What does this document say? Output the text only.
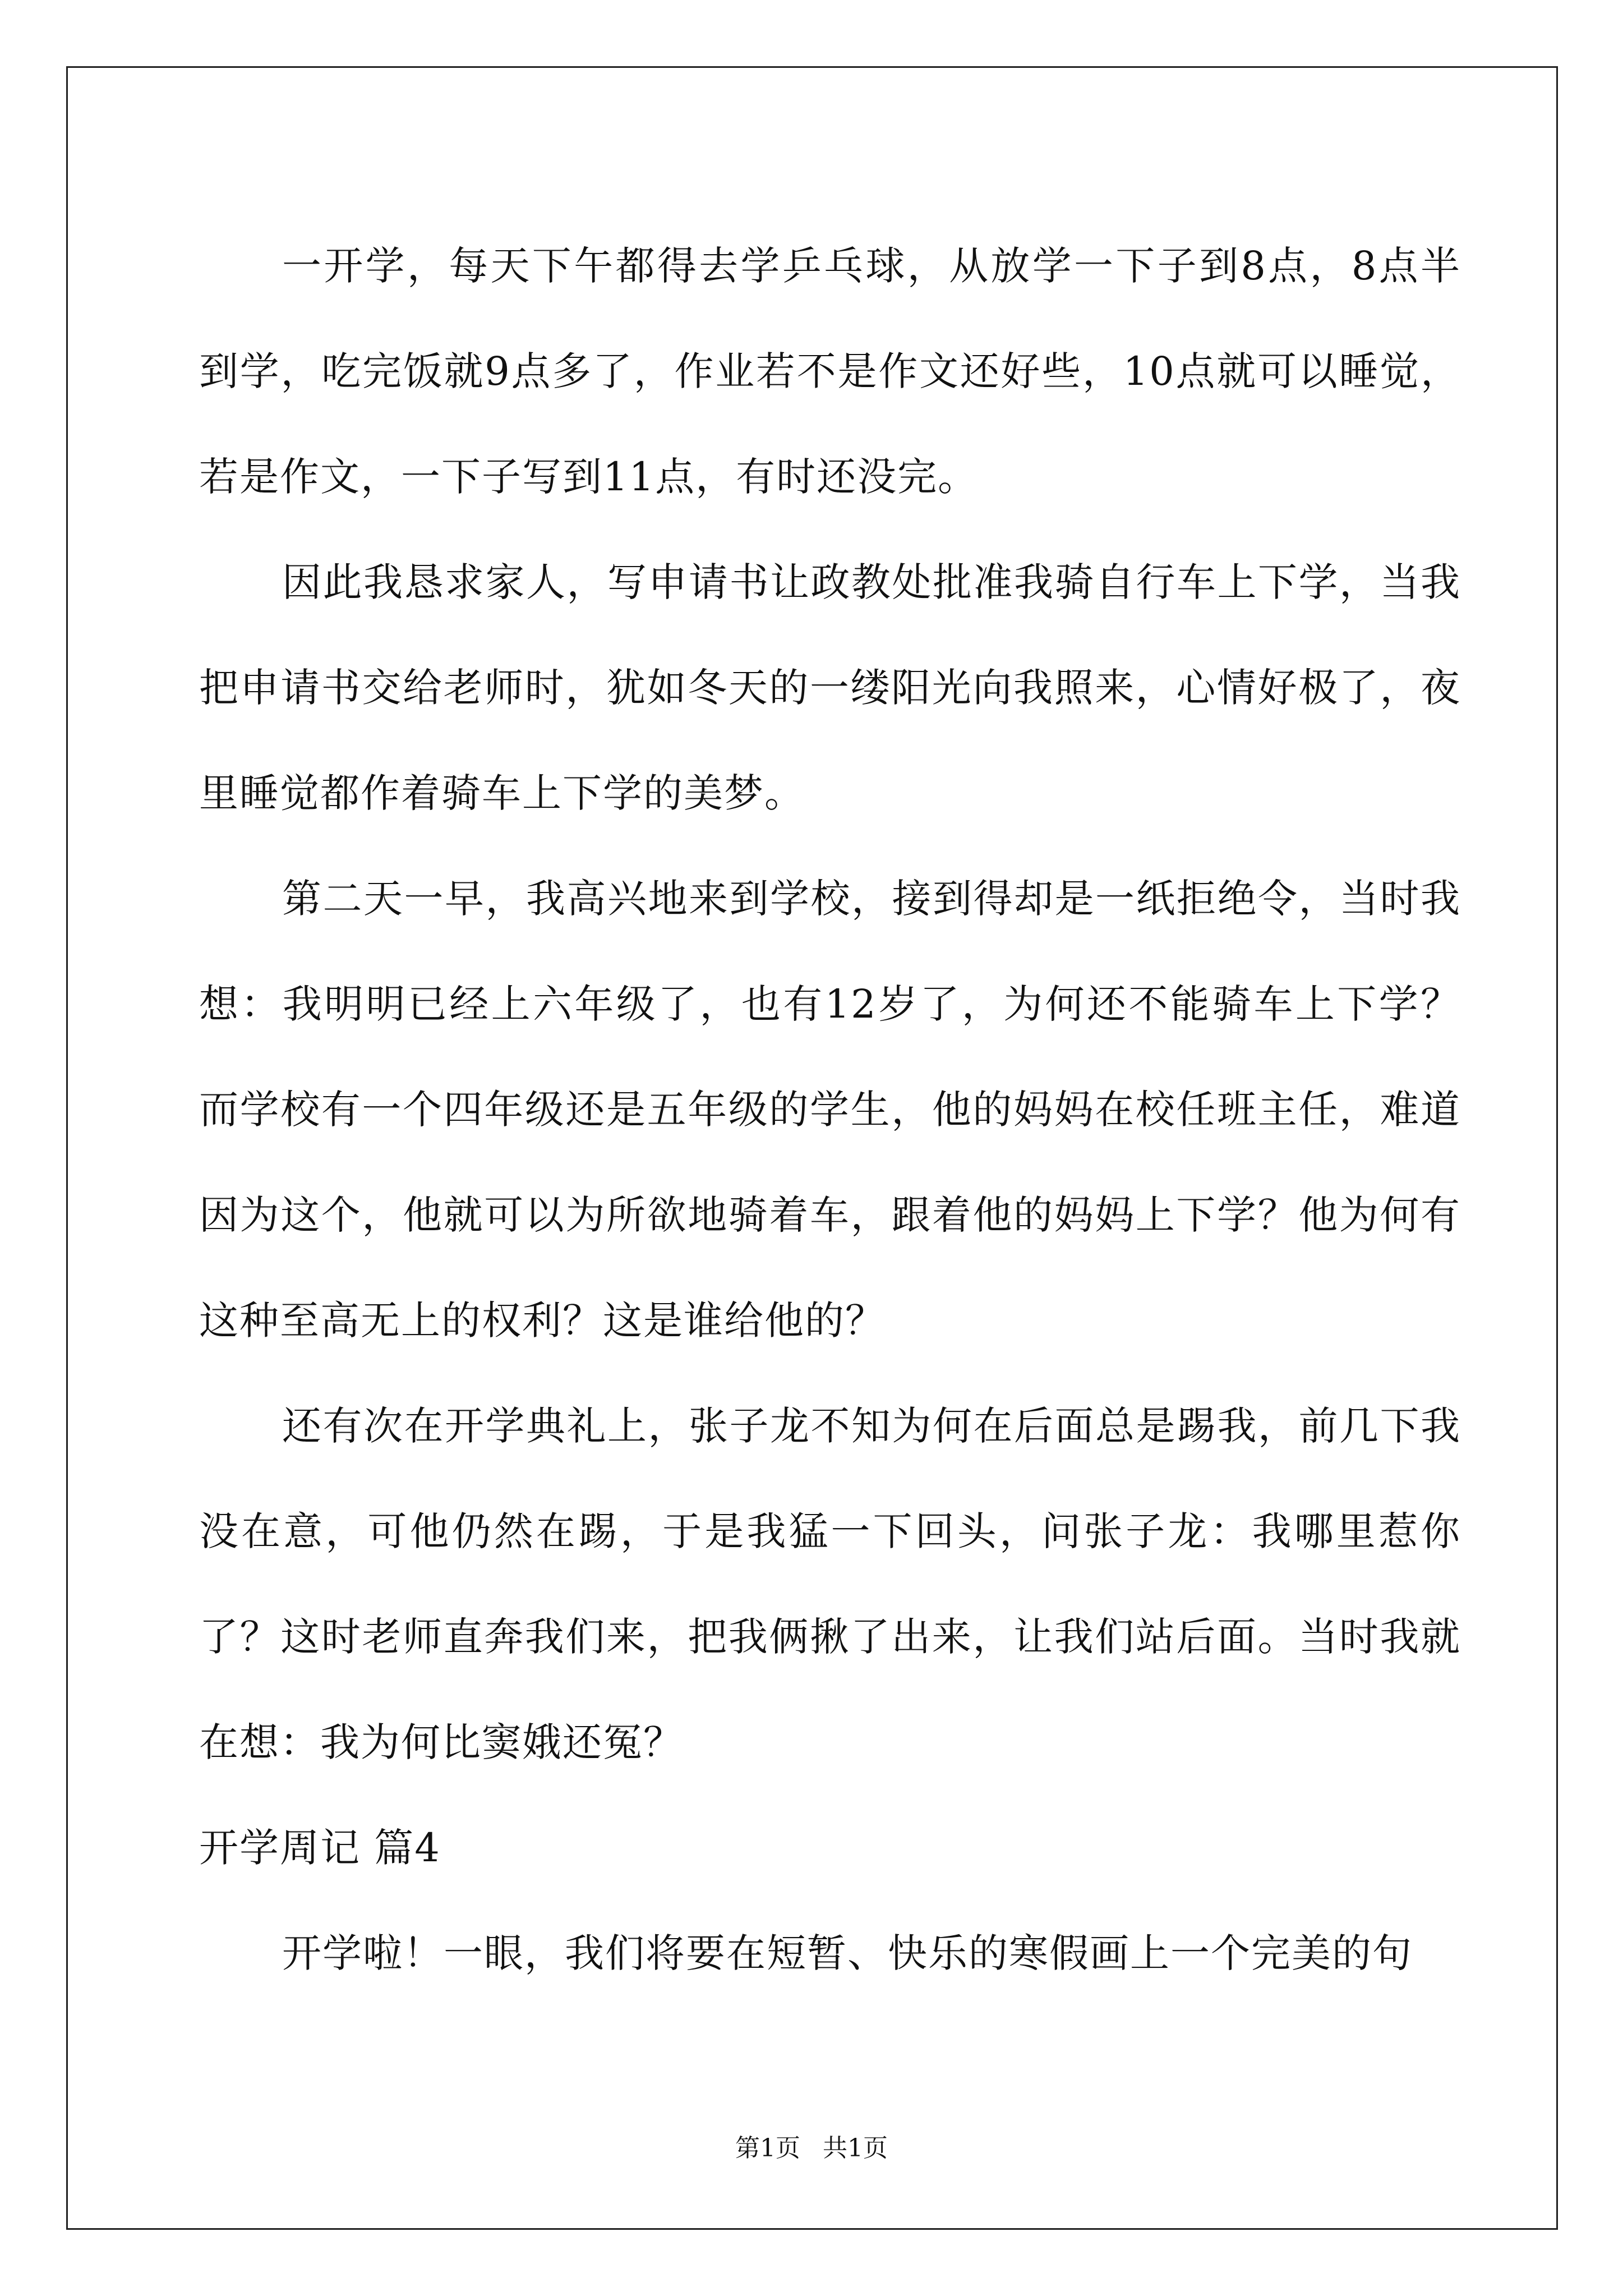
一开学，每天下午都得去学乒乓球，从放学一下子到8点，8点半到学，吃完饭就9点多了，作业若不是作文还好些，10点就可以睡觉，若是作文，一下子写到11点，有时还没完。

因此我恳求家人，写申请书让政教处批准我骑自行车上下学，当我把申请书交给老师时，犹如冬天的一缕阳光向我照来，心情好极了，夜里睡觉都作着骑车上下学的美梦。

第二天一早，我高兴地来到学校，接到得却是一纸拒绝令，当时我想：我明明已经上六年级了，也有12岁了，为何还不能骑车上下学？而学校有一个四年级还是五年级的学生，他的妈妈在校任班主任，难道因为这个，他就可以为所欲地骑着车，跟着他的妈妈上下学？他为何有这种至高无上的权利？这是谁给他的？

还有次在开学典礼上，张子龙不知为何在后面总是踢我，前几下我没在意，可他仍然在踢，于是我猛一下回头，问张子龙：我哪里惹你了？这时老师直奔我们来，把我俩揪了出来，让我们站后面。当时我就在想：我为何比窦娥还冤？

开学周记 篇4

开学啦！一眼，我们将要在短暂、快乐的寒假画上一个完美的句

第1页 共1页
